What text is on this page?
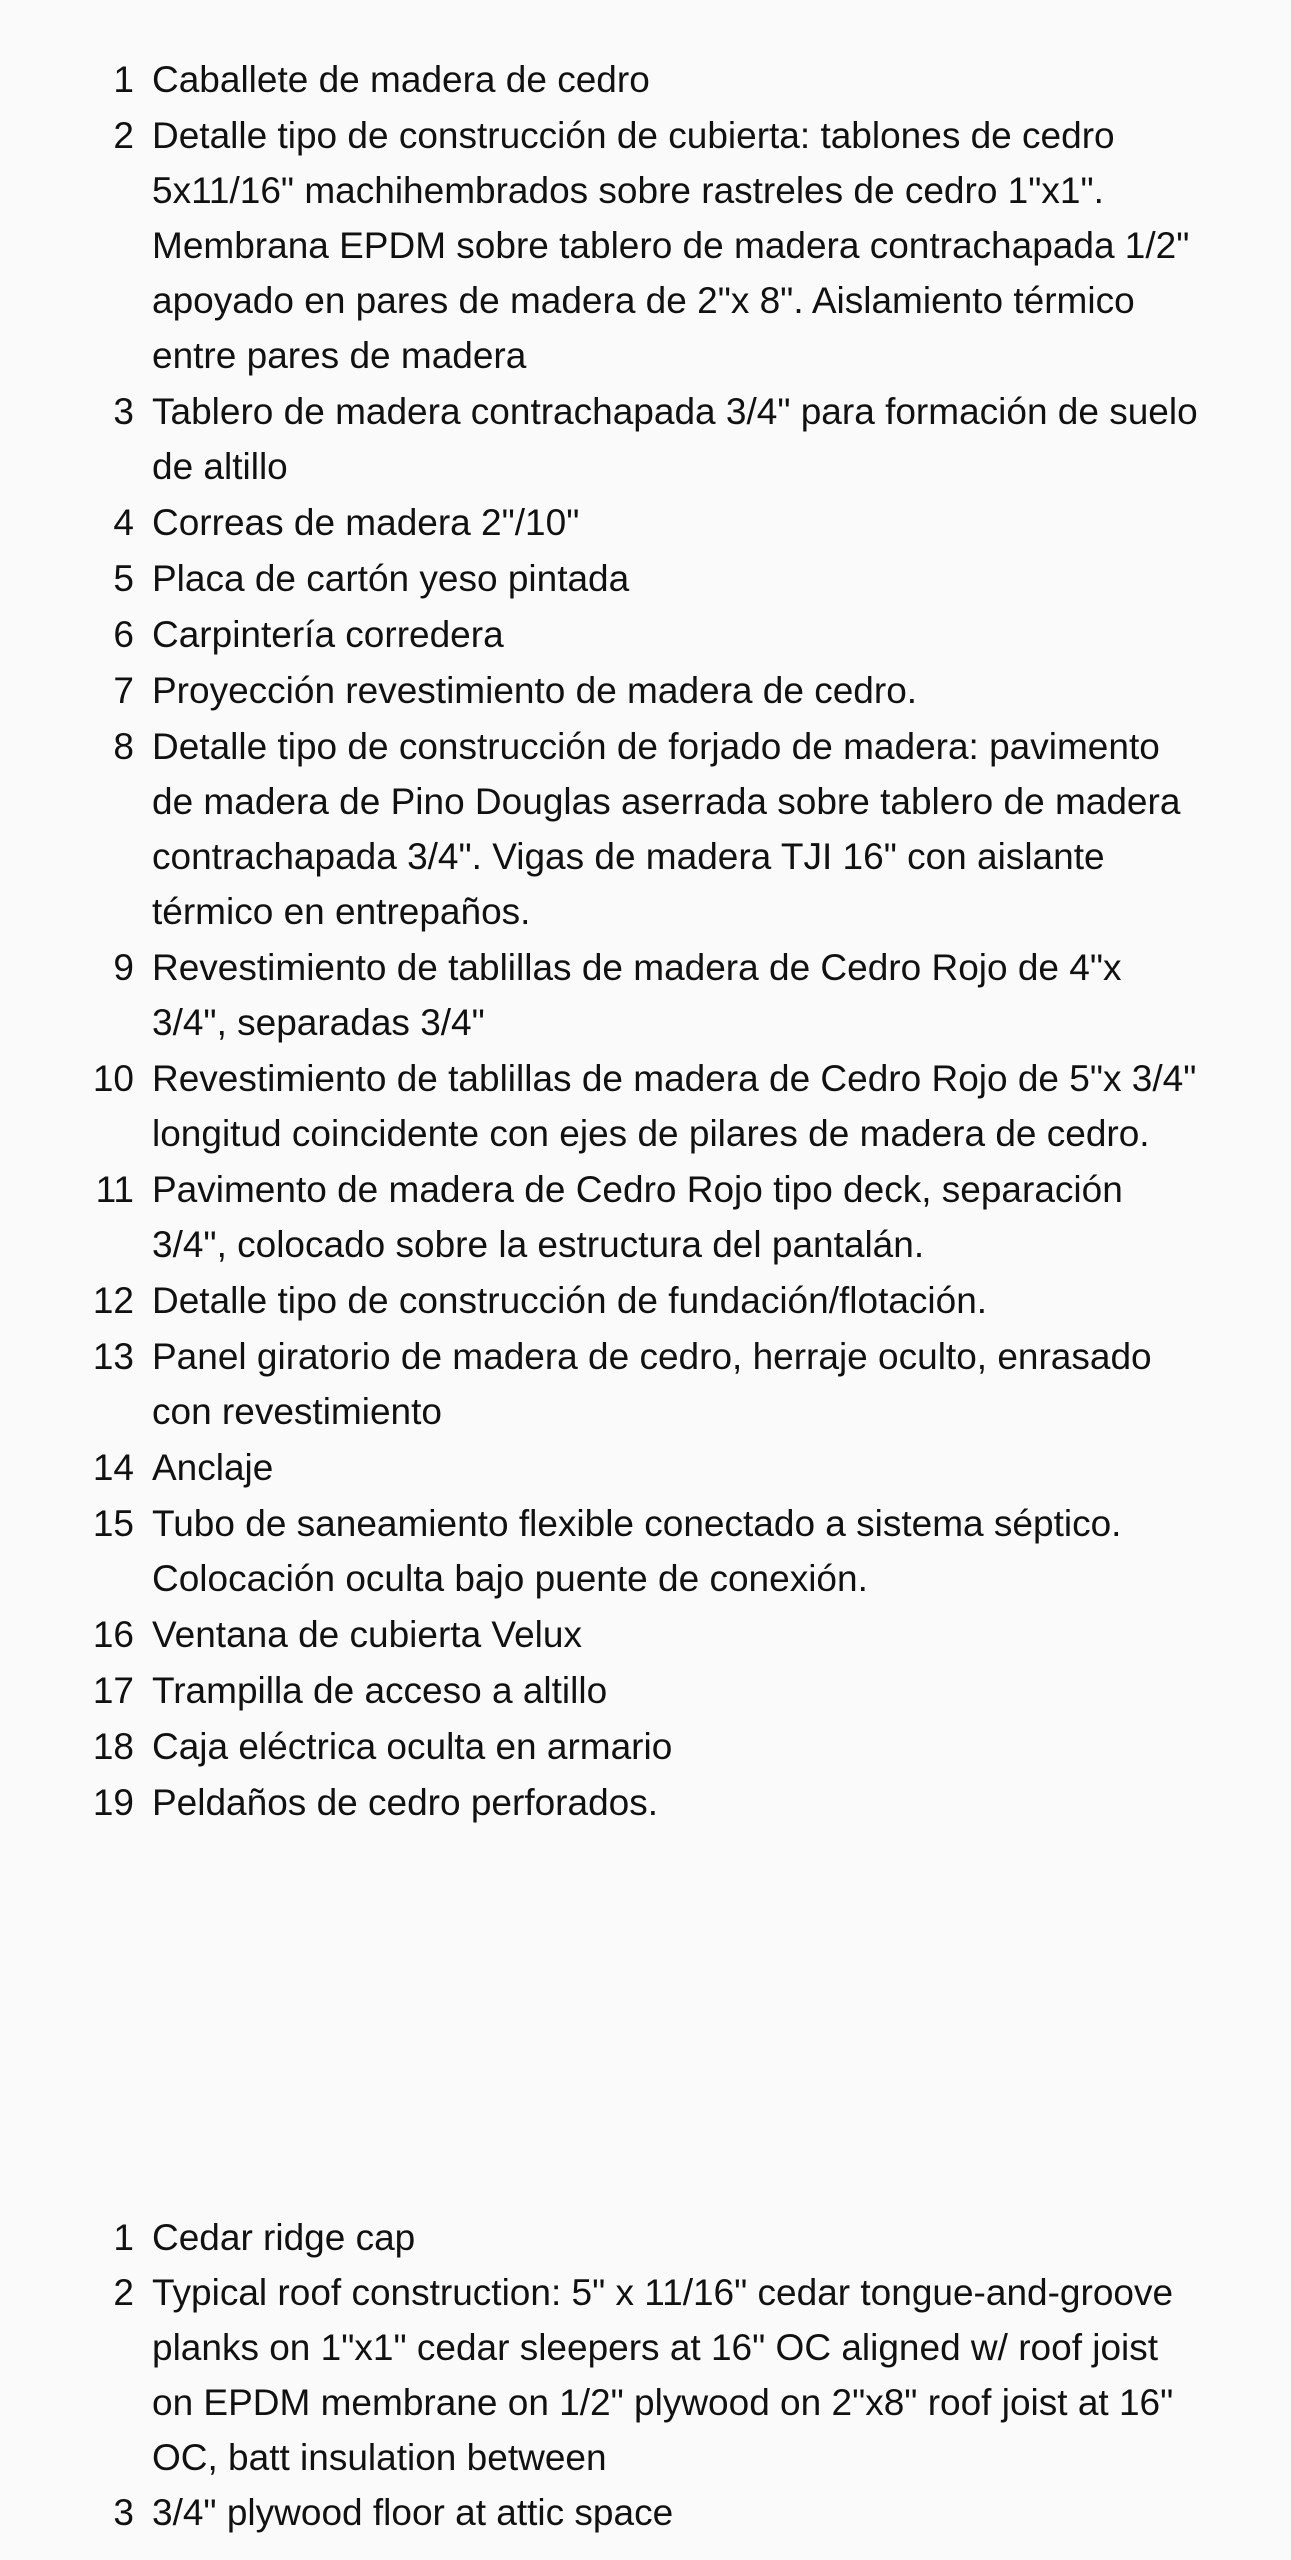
1 Caballete de madera de cedro
2 Detalle tipo de construcción de cubierta: tablones de cedro 5x11/16" machihembrados sobre rastreles de cedro 1"x1". Membrana EPDM sobre tablero de madera contrachapada 1/2" apoyado en pares de madera de 2"x 8". Aislamiento térmico entre pares de madera
3 Tablero de madera contrachapada 3/4" para formación de suelo de altillo
4 Correas de madera 2"/10"
5 Placa de cartón yeso pintada
6 Carpintería corredera
7 Proyección revestimiento de madera de cedro.
8 Detalle tipo de construcción de forjado de madera: pavimento de madera de Pino Douglas aserrada sobre tablero de madera contrachapada 3/4". Vigas de madera TJI 16" con aislante térmico en entrepaños.
9 Revestimiento de tablillas de madera de Cedro Rojo de 4"x 3/4", separadas 3/4"
10 Revestimiento de tablillas de madera de Cedro Rojo de 5"x 3/4" longitud coincidente con ejes de pilares de madera de cedro.
11 Pavimento de madera de Cedro Rojo tipo deck, separación 3/4", colocado sobre la estructura del pantalán.
12 Detalle tipo de construcción de fundación/flotación.
13 Panel giratorio de madera de cedro, herraje oculto, enrasado con revestimiento
14 Anclaje
15 Tubo de saneamiento flexible conectado a sistema séptico. Colocación oculta bajo puente de conexión.
16 Ventana de cubierta Velux
17 Trampilla de acceso a altillo
18 Caja eléctrica oculta en armario
19 Peldaños de cedro perforados.
1 Cedar ridge cap
2 Typical roof construction: 5" x 11/16" cedar tongue-and-groove planks on 1"x1" cedar sleepers at 16" OC aligned w/ roof joist on EPDM membrane on 1/2" plywood on 2"x8" roof joist at 16" OC, batt insulation between
3 3/4" plywood floor at attic space
